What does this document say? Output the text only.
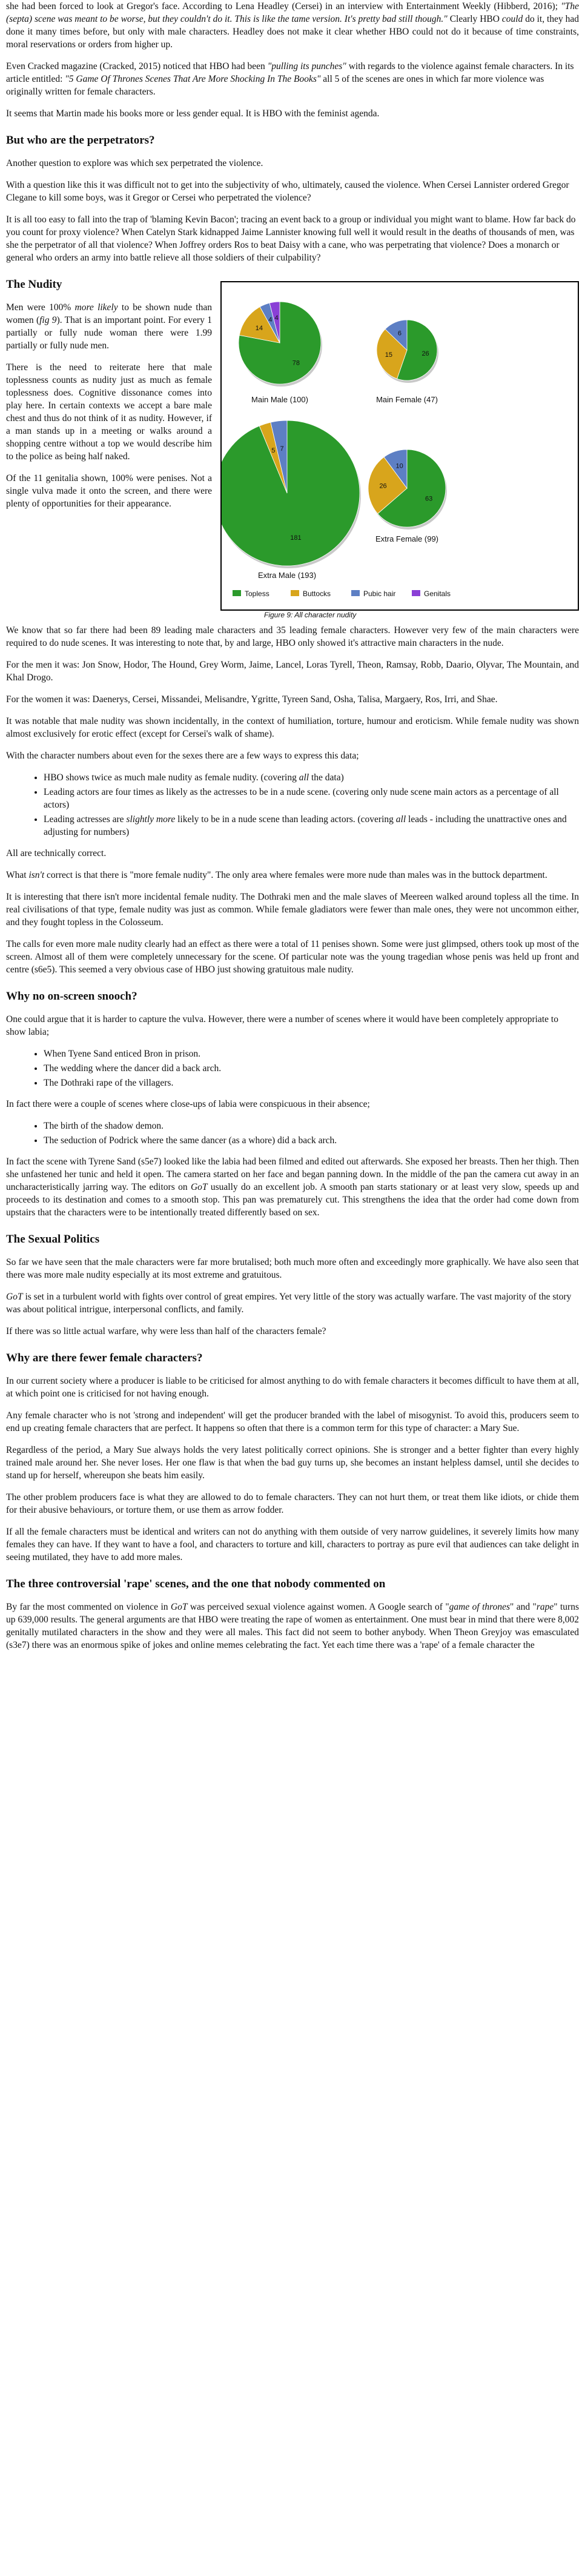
she had been forced to look at Gregor's face. According to Lena Headley (Cersei) in an interview with Entertainment Weekly (Hibberd, 2016); "The (septa) scene was meant to be worse, but they couldn't do it. This is like the tame version. It's pretty bad still though." Clearly HBO could do it, they had done it many times before, but only with male characters. Headley does not make it clear whether HBO could not do it because of time constraints, moral reservations or orders from higher up.

Even Cracked magazine (Cracked, 2015) noticed that HBO had been "pulling its punches" with regards to the violence against female characters. In its article entitled: "5 Game Of Thrones Scenes That Are More Shocking In The Books" all 5 of the scenes are ones in which far more violence was originally written for female characters.

It seems that Martin made his books more or less gender equal. It is HBO with the feminist agenda.

But who are the perpetrators?

Another question to explore was which sex perpetrated the violence.

With a question like this it was difficult not to get into the subjectivity of who, ultimately, caused the violence. When Cersei Lannister ordered Gregor Clegane to kill some boys, was it Gregor or Cersei who perpetrated the violence?

It is all too easy to fall into the trap of 'blaming Kevin Bacon'; tracing an event back to a group or individual you might want to blame. How far back do you count for proxy violence? When Catelyn Stark kidnapped Jaime Lannister knowing full well it would result in the deaths of thousands of men, was she the perpetrator of all that violence? When Joffrey orders Ros to beat Daisy with a cane, who was perpetrating that violence? Does a monarch or general who orders an army into battle relieve all those soldiers of their culpability?

78
14
4 4
Main Male (100)
26
15
6
Main Female (47)
181
5 7
Extra Male (193)
63
26
10
Extra Female (99)
Topless	Buttocks	Pubic hair	Genitals
Figure 9: All character nudity
The Nudity

Men were 100% more likely to be shown nude than women (fig 9). That is an important point. For every 1 partially or fully nude woman there were 1.99 partially or fully nude men.

There is the need to reiterate here that male toplessness counts as nudity just as much as female toplessness does. Cognitive dissonance comes into play here. In certain contexts we accept a bare male chest and thus do not think of it as nudity. However, if a man stands up in a meeting or walks around a shopping centre without a top we would describe him to the police as being half naked.

Of the 11 genitalia shown, 100% were penises. Not a single vulva made it onto the screen, and there were plenty of opportunities for their appearance.

We know that so far there had been 89 leading male characters and 35 leading female characters. However very few of the main characters were required to do nude scenes. It was interesting to note that, by and large, HBO only showed it's attractive main characters in the nude.

For the men it was: Jon Snow, Hodor, The Hound, Grey Worm, Jaime, Lancel, Loras Tyrell, Theon, Ramsay, Robb, Daario, Olyvar, The Mountain, and Khal Drogo.

For the women it was: Daenerys, Cersei, Missandei, Melisandre, Ygritte, Tyreen Sand, Osha, Talisa, Margaery, Ros, Irri, and Shae.

It was notable that male nudity was shown incidentally, in the context of humiliation, torture, humour and eroticism. While female nudity was shown almost exclusively for erotic effect (except for Cersei's walk of shame).

With the character numbers about even for the sexes there are a few ways to express this data;

• HBO shows twice as much male nudity as female nudity. (covering all the data)
• Leading actors are four times as likely as the actresses to be in a nude scene. (covering only nude scene main actors as a percentage of all actors)
• Leading actresses are slightly more likely to be in a nude scene than leading actors. (covering all leads - including the unattractive ones and adjusting for numbers)

All are technically correct.

What isn't correct is that there is "more female nudity". The only area where females were more nude than males was in the buttock department.

It is interesting that there isn't more incidental female nudity. The Dothraki men and the male slaves of Meereen walked around topless all the time. In real civilisations of that type, female nudity was just as common. While female gladiators were fewer than male ones, they were not uncommon either, and they fought topless in the Colosseum.

The calls for even more male nudity clearly had an effect as there were a total of 11 penises shown. Some were just glimpsed, others took up most of the screen. Almost all of them were completely unnecessary for the scene. Of particular note was the young tragedian whose penis was held up front and centre (s6e5). This seemed a very obvious case of HBO just showing gratuitous male nudity.

Why no on-screen snooch?

One could argue that it is harder to capture the vulva. However, there were a number of scenes where it would have been completely appropriate to show labia;

• When Tyene Sand enticed Bron in prison.
• The wedding where the dancer did a back arch.
• The Dothraki rape of the villagers.

In fact there were a couple of scenes where close-ups of labia were conspicuous in their absence;

• The birth of the shadow demon.
• The seduction of Podrick where the same dancer (as a whore) did a back arch.

In fact the scene with Tyrene Sand (s5e7) looked like the labia had been filmed and edited out afterwards. She exposed her breasts. Then her thigh. Then she unfastened her tunic and held it open. The camera started on her face and began panning down. In the middle of the pan the camera cut away in an uncharacteristically jarring way. The editors on GoT usually do an excellent job. A smooth pan starts stationary or at least very slow, speeds up and proceeds to its destination and comes to a smooth stop. This pan was prematurely cut. This strengthens the idea that the order had come down from upstairs that the characters were to be intentionally treated differently based on sex.

The Sexual Politics

So far we have seen that the male characters were far more brutalised; both much more often and exceedingly more graphically. We have also seen that there was more male nudity especially at its most extreme and gratuitous.

GoT is set in a turbulent world with fights over control of great empires. Yet very little of the story was actually warfare. The vast majority of the story was about political intrigue, interpersonal conflicts, and family.

If there was so little actual warfare, why were less than half of the characters female?

Why are there fewer female characters?

In our current society where a producer is liable to be criticised for almost anything to do with female characters it becomes difficult to have them at all, at which point one is criticised for not having enough.

Any female character who is not 'strong and independent' will get the producer branded with the label of misogynist. To avoid this, producers seem to end up creating female characters that are perfect. It happens so often that there is a common term for this type of character: a Mary Sue.

Regardless of the period, a Mary Sue always holds the very latest politically correct opinions. She is stronger and a better fighter than every highly trained male around her. She never loses. Her one flaw is that when the bad guy turns up, she becomes an instant helpless damsel, until she decides to stand up for herself, whereupon she beats him easily.

The other problem producers face is what they are allowed to do to female characters. They can not hurt them, or treat them like idiots, or chide them for their abusive behaviours, or torture them, or use them as arrow fodder.

If all the female characters must be identical and writers can not do anything with them outside of very narrow guidelines, it severely limits how many females they can have. If they want to have a fool, and characters to torture and kill, characters to portray as pure evil that audiences can take delight in seeing mutilated, they have to add more males.

The three controversial 'rape' scenes, and the one that nobody commented on

By far the most commented on violence in GoT was perceived sexual violence against women. A Google search of "game of thrones" and "rape" turns up 639,000 results. The general arguments are that HBO were treating the rape of women as entertainment. One must bear in mind that there were 8,002 genitally mutilated characters in the show and they were all males. This fact did not seem to bother anybody. When Theon Greyjoy was emasculated (s3e7) there was an enormous spike of jokes and online memes celebrating the fact. Yet each time there was a 'rape' of a female character the
